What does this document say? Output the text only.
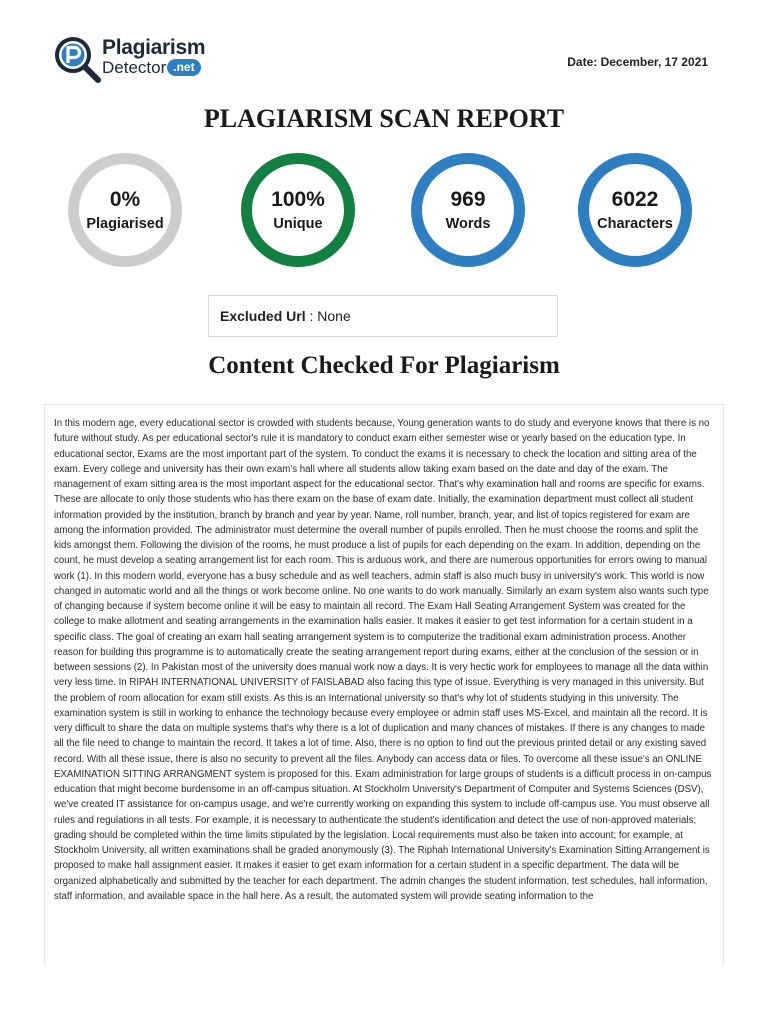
Plagiarism
Detector .net	Date: December, 17 2021
PLAGIARISM SCAN REPORT
0%
Plagiarised
100%
Unique
969
Words
6022
Characters
Excluded Url : None
Content Checked For Plagiarism

In this modern age, every educational sector is crowded with students because, Young generation wants to do study and everyone knows that there is no future without study. As per educational sector's rule it is mandatory to conduct exam either semester wise or yearly based on the education type. In educational sector, Exams are the most important part of the system. To conduct the exams it is necessary to check the location and sitting area of the exam. Every college and university has their own exam's hall where all students allow taking exam based on the date and day of the exam. The management of exam sitting area is the most important aspect for the educational sector. That's why examination hall and rooms are specific for exams. These are allocate to only those students who has there exam on the base of exam date. Initially, the examination department must collect all student information provided by the institution, branch by branch and year by year. Name, roll number, branch, year, and list of topics registered for exam are among the information provided. The administrator must determine the overall number of pupils enrolled. Then he must choose the rooms and split the kids amongst them. Following the division of the rooms, he must produce a list of pupils for each depending on the exam. In addition, depending on the count, he must develop a seating arrangement list for each room. This is arduous work, and there are numerous opportunities for errors owing to manual work (1). In this modern world, everyone has a busy schedule and as well teachers, admin staff is also much busy in university's work. This world is now changed in automatic world and all the things or work become online. No one wants to do work manually. Similarly an exam system also wants such type of changing because if system become online it will be easy to maintain all record. The Exam Hall Seating Arrangement System was created for the college to make allotment and seating arrangements in the examination halls easier. It makes it easier to get test information for a certain student in a specific class. The goal of creating an exam hall seating arrangement system is to computerize the traditional exam administration process. Another reason for building this programme is to automatically create the seating arrangement report during exams, either at the conclusion of the session or in between sessions (2). In Pakistan most of the university does manual work now a days. It is very hectic work for employees to manage all the data within very less time. In RIPAH INTERNATIONAL UNIVERSITY of FAISLABAD also facing this type of issue. Everything is very managed in this university. But the problem of room allocation for exam still exists. As this is an International university so that's why lot of students studying in this university. The examination system is still in working to enhance the technology because every employee or admin staff uses MS-Excel, and maintain all the record. It is very difficult to share the data on multiple systems that's why there is a lot of duplication and many chances of mistakes. If there is any changes to made all the file need to change to maintain the record. It takes a lot of time. Also, there is no option to find out the previous printed detail or any existing saved record. With all these issue, there is also no security to prevent all the files. Anybody can access data or files. To overcome all these issue's an ONLINE EXAMINATION SITTING ARRANGMENT system is proposed for this. Exam administration for large groups of students is a difficult process in on-campus education that might become burdensome in an off-campus situation. At Stockholm University's Department of Computer and Systems Sciences (DSV), we've created IT assistance for on-campus usage, and we're currently working on expanding this system to include off-campus use. You must observe all rules and regulations in all tests. For example, it is necessary to authenticate the student's identification and detect the use of non-approved materials; grading should be completed within the time limits stipulated by the legislation. Local requirements must also be taken into account; for example, at Stockholm University, all written examinations shall be graded anonymously (3). The Riphah International University's Examination Sitting Arrangement is proposed to make hall assignment easier. It makes it easier to get exam information for a certain student in a specific department. The data will be organized alphabetically and submitted by the teacher for each department. The admin changes the student information, test schedules, hall information, staff information, and available space in the hall here. As a result, the automated system will provide seating information to the
